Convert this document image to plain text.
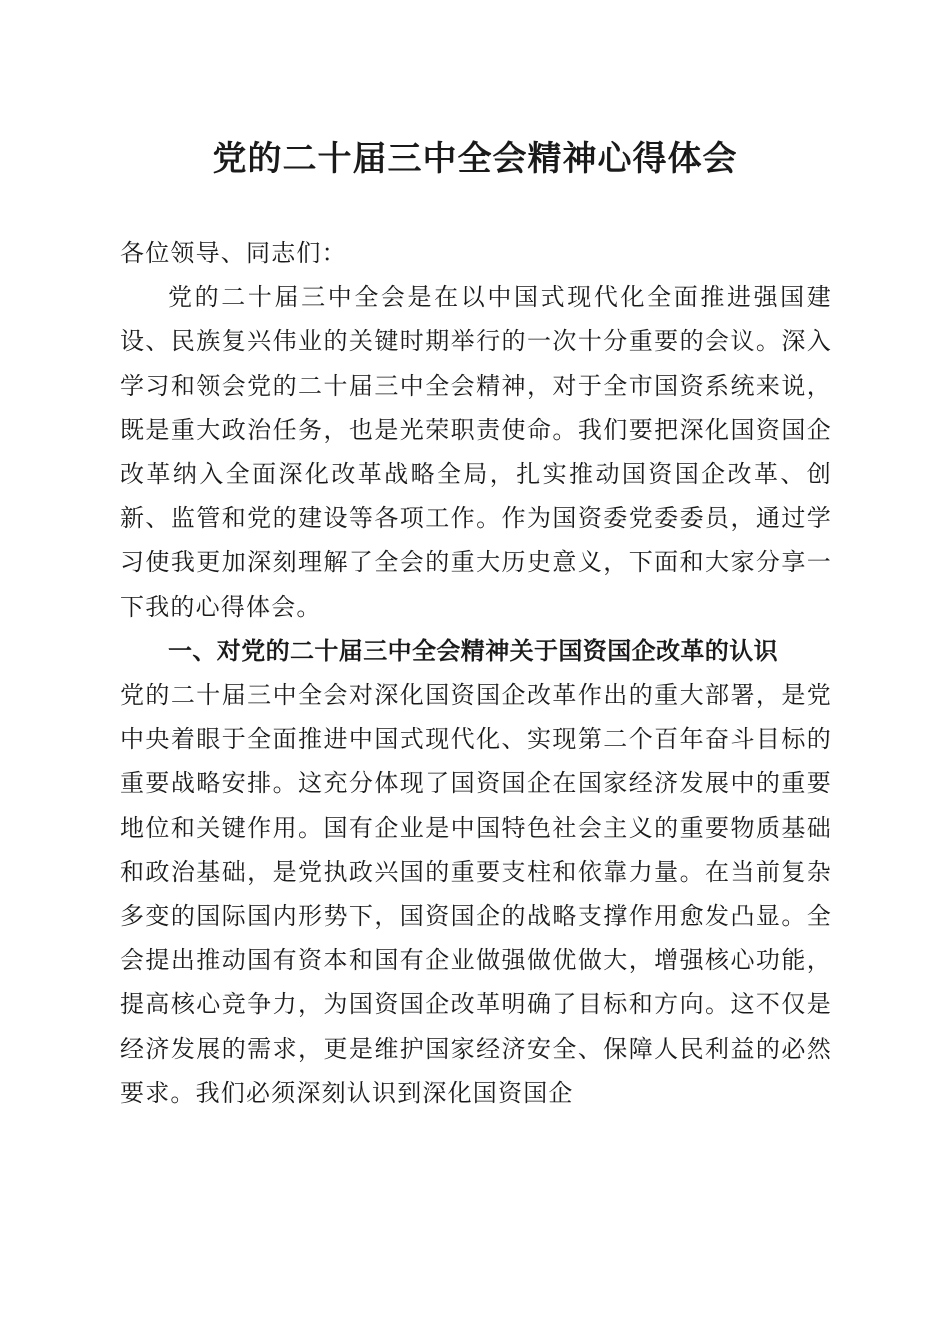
党的二十届三中全会精神心得体会

各位领导、同志们：

党的二十届三中全会是在以中国式现代化全面推进强国建设、民族复兴伟业的关键时期举行的一次十分重要的会议。深入学习和领会党的二十届三中全会精神，对于全市国资系统来说，既是重大政治任务，也是光荣职责使命。我们要把深化国资国企改革纳入全面深化改革战略全局，扎实推动国资国企改革、创新、监管和党的建设等各项工作。作为国资委党委委员，通过学习使我更加深刻理解了全会的重大历史意义，下面和大家分享一下我的心得体会。

一、对党的二十届三中全会精神关于国资国企改革的认识

党的二十届三中全会对深化国资国企改革作出的重大部署，是党中央着眼于全面推进中国式现代化、实现第二个百年奋斗目标的重要战略安排。这充分体现了国资国企在国家经济发展中的重要地位和关键作用。国有企业是中国特色社会主义的重要物质基础和政治基础，是党执政兴国的重要支柱和依靠力量。在当前复杂多变的国际国内形势下，国资国企的战略支撑作用愈发凸显。全会提出推动国有资本和国有企业做强做优做大，增强核心功能，提高核心竞争力，为国资国企改革明确了目标和方向。这不仅是经济发展的需求，更是维护国家经济安全、保障人民利益的必然要求。我们必须深刻认识到深化国资国企
